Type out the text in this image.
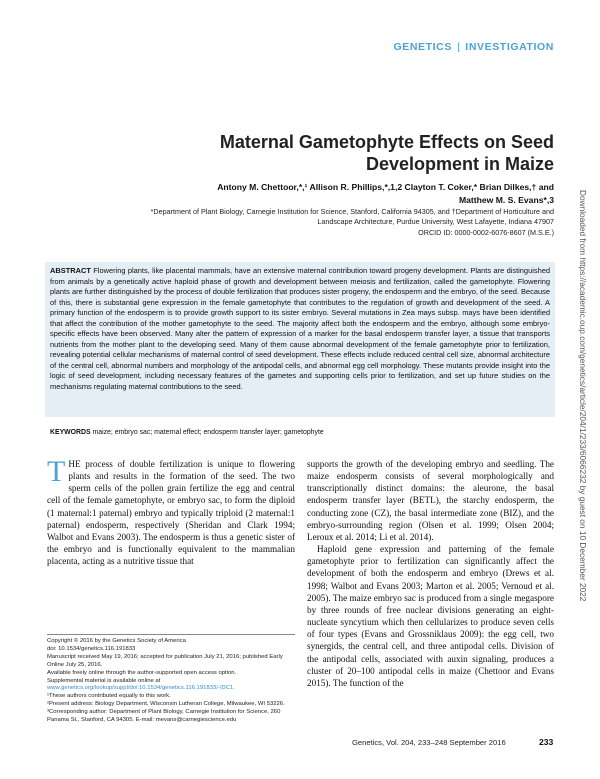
GENETICS | INVESTIGATION
Maternal Gametophyte Effects on Seed Development in Maize
Antony M. Chettoor,*,¹ Allison R. Phillips,*,1,2 Clayton T. Coker,* Brian Dilkes,† and
Matthew M. S. Evans*,3
*Department of Plant Biology, Carnegie Institution for Science, Stanford, California 94305, and †Department of Horticulture and
Landscape Architecture, Purdue University, West Lafayette, Indiana 47907
ORCID ID: 0000-0002-6076-8607 (M.S.E.)	Downloaded from https://academic.oup.com/genetics/article/204/1/233/6066232 by guest on 10 December 2022
ABSTRACT Flowering plants, like placental mammals, have an extensive maternal contribution toward progeny development. Plants are distinguished from animals by a genetically active haploid phase of growth and development between meiosis and fertilization, called the gametophyte. Flowering plants are further distinguished by the process of double fertilization that produces sister progeny, the endosperm and the embryo, of the seed. Because of this, there is substantial gene expression in the female gametophyte that contributes to the regulation of growth and development of the seed. A primary function of the endosperm is to provide growth support to its sister embryo. Several mutations in Zea mays subsp. mays have been identified that affect the contribution of the mother gametophyte to the seed. The majority affect both the endosperm and the embryo, although some embryo-specific effects have been observed. Many alter the pattern of expression of a marker for the basal endosperm transfer layer, a tissue that transports nutrients from the mother plant to the developing seed. Many of them cause abnormal development of the female gametophyte prior to fertilization, revealing potential cellular mechanisms of maternal control of seed development. These effects include reduced central cell size, abnormal architecture of the central cell, abnormal numbers and morphology of the antipodal cells, and abnormal egg cell morphology. These mutants provide insight into the logic of seed development, including necessary features of the gametes and supporting cells prior to fertilization, and set up future studies on the mechanisms regulating maternal contributions to the seed.
KEYWORDS maize; embryo sac; maternal effect; endosperm transfer layer; gametophyte
THE process of double fertilization is unique to flowering plants and results in the formation of the seed. The two sperm cells of the pollen grain fertilize the egg and central cell of the female gametophyte, or embryo sac, to form the diploid (1 maternal:1 paternal) embryo and typically triploid (2 maternal:1 paternal) endosperm, respectively (Sheridan and Clark 1994; Walbot and Evans 2003). The endosperm is thus a genetic sister of the embryo and is functionally equivalent to the mammalian placenta, acting as a nutritive tissue that
Copyright © 2016 by the Genetics Society of America
doi: 10.1534/genetics.116.191833
Manuscript received May 19, 2016; accepted for publication July 21, 2016; published Early Online July 25, 2016.
Available freely online through the author-supported open access option.
Supplemental material is available online at www.genetics.org/lookup/suppl/doi:10.1534/genetics.116.191833/-/DC1.
¹These authors contributed equally to this work.
²Present address: Biology Department, Wisconsin Lutheran College, Milwaukee, WI 53226.
³Corresponding author: Department of Plant Biology, Carnegie Institution for Science, 260 Panama St., Stanford, CA 94305. E-mail: mevans@carnegiescience.edu
supports the growth of the developing embryo and seedling. The maize endosperm consists of several morphologically and transcriptionally distinct domains: the aleurone, the basal endosperm transfer layer (BETL), the starchy endosperm, the conducting zone (CZ), the basal intermediate zone (BIZ), and the embryo-surrounding region (Olsen et al. 1999; Olsen 2004; Leroux et al. 2014; Li et al. 2014).
Haploid gene expression and patterning of the female gametophyte prior to fertilization can significantly affect the development of both the endosperm and embryo (Drews et al. 1998; Walbot and Evans 2003; Marton et al. 2005; Vernoud et al. 2005). The maize embryo sac is produced from a single megaspore by three rounds of free nuclear divisions generating an eight-nucleate syncytium which then cellularizes to produce seven cells of four types (Evans and Grossniklaus 2009): the egg cell, two synergids, the central cell, and three antipodal cells. Division of the antipodal cells, associated with auxin signaling, produces a cluster of 20–100 antipodal cells in maize (Chettoor and Evans 2015). The function of the
Genetics, Vol. 204, 233–248 September 2016	233
